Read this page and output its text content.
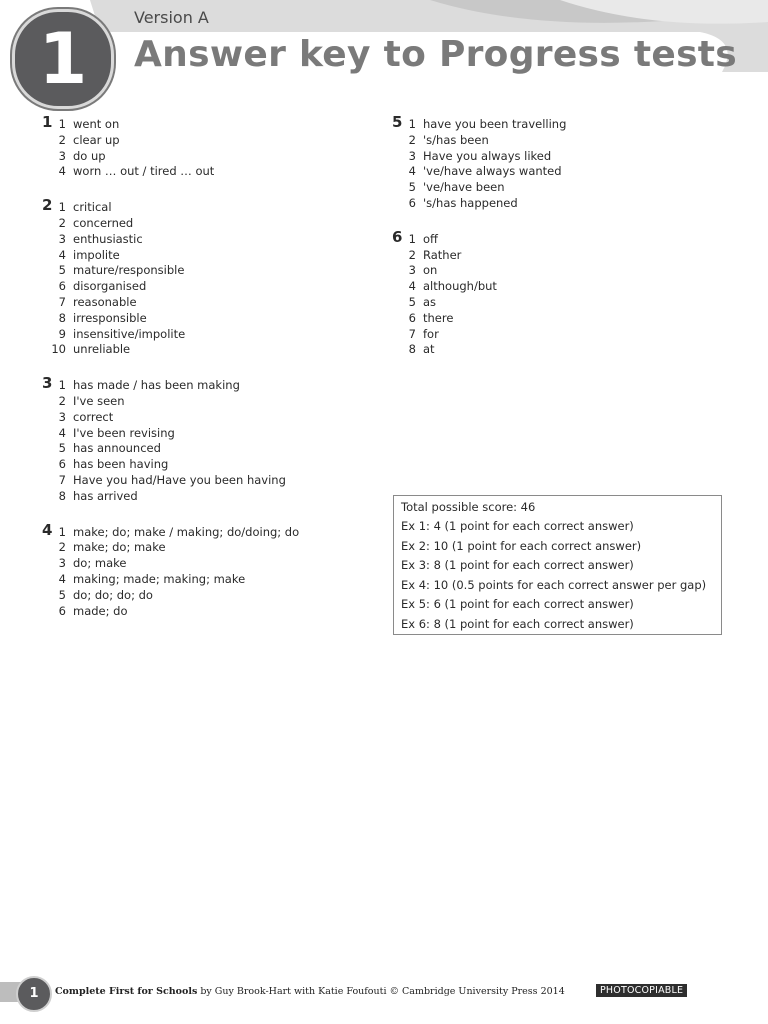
1
Version A
Answer key to Progress tests
1 1 went on
2 clear up
3 do up
4 worn … out / tired … out
2 1 critical
2 concerned
3 enthusiastic
4 impolite
5 mature/responsible
6 disorganised
7 reasonable
8 irresponsible
9 insensitive/impolite
10 unreliable
3 1 has made / has been making
2 I've seen
3 correct
4 I've been revising
5 has announced
6 has been having
7 Have you had/Have you been having
8 has arrived
4 1 make; do; make / making; do/doing; do
2 make; do; make
3 do; make
4 making; made; making; make
5 do; do; do; do
6 made; do
5 1 have you been travelling
2 's/has been
3 Have you always liked
4 've/have always wanted
5 've/have been
6 's/has happened
6 1 off
2 Rather
3 on
4 although/but
5 as
6 there
7 for
8 at
Total possible score: 46
Ex 1: 4 (1 point for each correct answer)
Ex 2: 10 (1 point for each correct answer)
Ex 3: 8 (1 point for each correct answer)
Ex 4: 10 (0.5 points for each correct answer per gap)
Ex 5: 6 (1 point for each correct answer)
Ex 6: 8 (1 point for each correct answer)
1	Complete First for Schools by Guy Brook-Hart with Katie Foufouti © Cambridge University Press 2014	PHOTOCOPIABLE
